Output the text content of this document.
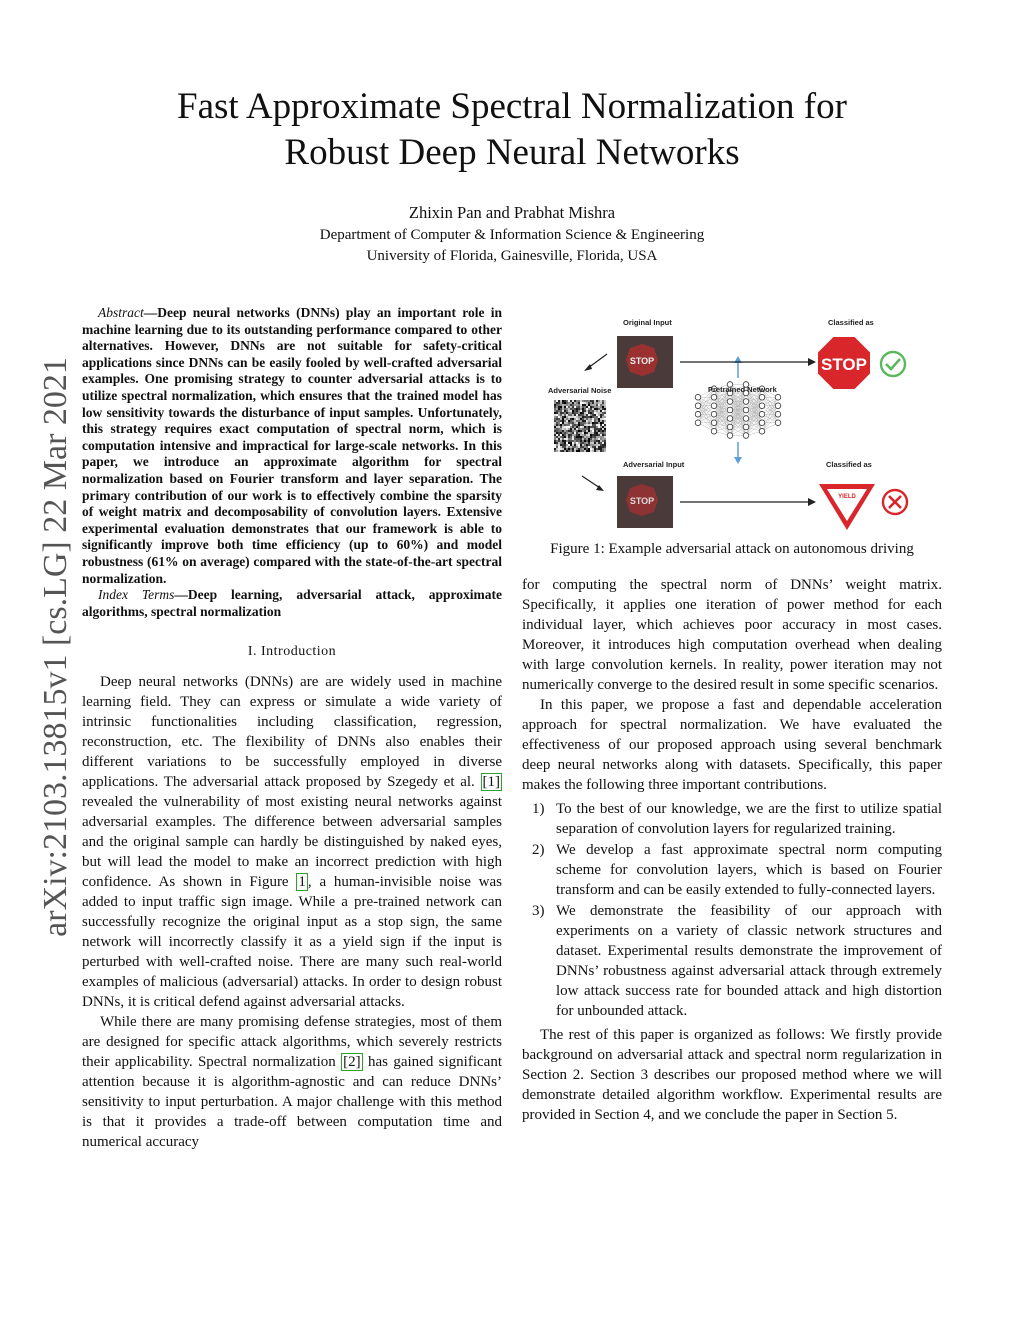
arXiv:2103.13815v1 [cs.LG] 22 Mar 2021
Fast Approximate Spectral Normalization for
Robust Deep Neural Networks
Zhixin Pan and Prabhat Mishra
Department of Computer & Information Science & Engineering
University of Florida, Gainesville, Florida, USA

Abstract—Deep neural networks (DNNs) play an important role in machine learning due to its outstanding performance compared to other alternatives. However, DNNs are not suitable for safety-critical applications since DNNs can be easily fooled by well-crafted adversarial examples. One promising strategy to counter adversarial attacks is to utilize spectral normalization, which ensures that the trained model has low sensitivity towards the disturbance of input samples. Unfortunately, this strategy requires exact computation of spectral norm, which is computation intensive and impractical for large-scale networks. In this paper, we introduce an approximate algorithm for spectral normalization based on Fourier transform and layer separation. The primary contribution of our work is to effectively combine the sparsity of weight matrix and decomposability of convolution layers. Extensive experimental evaluation demonstrates that our framework is able to significantly improve both time efficiency (up to 60%) and model robustness (61% on average) compared with the state-of-the-art spectral normalization.

Index Terms—Deep learning, adversarial attack, approximate algorithms, spectral normalization

I. Introduction

Deep neural networks (DNNs) are are widely used in machine learning field. They can express or simulate a wide variety of intrinsic functionalities including classification, regression, reconstruction, etc. The flexibility of DNNs also enables their different variations to be successfully employed in diverse applications. The adversarial attack proposed by Szegedy et al. [1] revealed the vulnerability of most existing neural networks against adversarial examples. The difference between adversarial samples and the original sample can hardly be distinguished by naked eyes, but will lead the model to make an incorrect prediction with high confidence. As shown in Figure 1 , a human-invisible noise was added to input traffic sign image. While a pre-trained network can successfully recognize the original input as a stop sign, the same network will incorrectly classify it as a yield sign if the input is perturbed with well-crafted noise. There are many such real-world examples of malicious (adversarial) attacks. In order to design robust DNNs, it is critical defend against adversarial attacks.

While there are many promising defense strategies, most of them are designed for specific attack algorithms, which severely restricts their applicability. Spectral normalization [2] has gained significant attention because it is algorithm-agnostic and can reduce DNNs’ sensitivity to input perturbation. A major challenge with this method is that it provides a trade-off between computation time and numerical accuracy

STOP
STOP
STOP
YIELD
Original Input	Classified as
Adversarial Noise	Pretrained Network
Adversarial Input	Classified as
Figure 1: Example adversarial attack on autonomous driving

for computing the spectral norm of DNNs’ weight matrix. Specifically, it applies one iteration of power method for each individual layer, which achieves poor accuracy in most cases. Moreover, it introduces high computation overhead when dealing with large convolution kernels. In reality, power iteration may not numerically converge to the desired result in some specific scenarios.

In this paper, we propose a fast and dependable acceleration approach for spectral normalization. We have evaluated the effectiveness of our proposed approach using several benchmark deep neural networks along with datasets. Specifically, this paper makes the following three important contributions.

1) To the best of our knowledge, we are the first to utilize spatial separation of convolution layers for regularized training.
2) We develop a fast approximate spectral norm computing scheme for convolution layers, which is based on Fourier transform and can be easily extended to fully-connected layers.
3) We demonstrate the feasibility of our approach with experiments on a variety of classic network structures and dataset. Experimental results demonstrate the improvement of DNNs’ robustness against adversarial attack through extremely low attack success rate for bounded attack and high distortion for unbounded attack.

The rest of this paper is organized as follows: We firstly provide background on adversarial attack and spectral norm regularization in Section 2. Section 3 describes our proposed method where we will demonstrate detailed algorithm workflow. Experimental results are provided in Section 4, and we conclude the paper in Section 5.
